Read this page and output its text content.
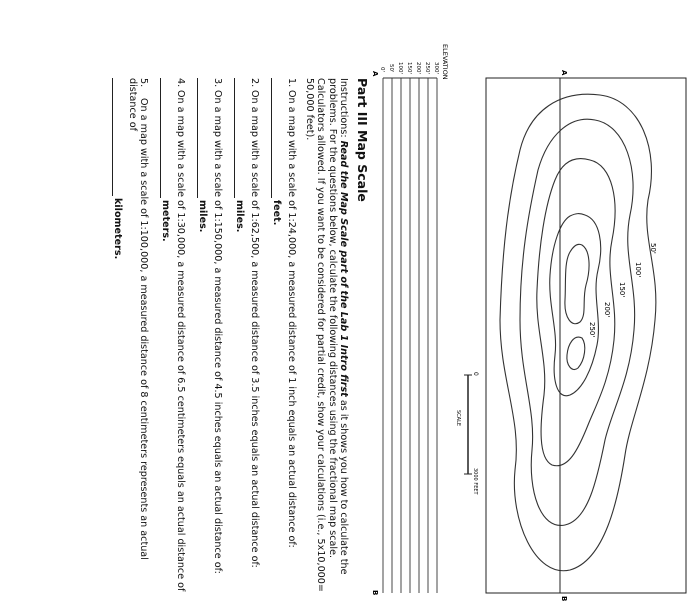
A
B
50'
100'
150'
200'
250'
0
SCALE
3000 FEET
ELEVATION
300'
250'
200'
150'
100'
50'
0'
A
B
Part III Map Scale
Instructions: Read the Map Scale part of the Lab 1 Intro first as it shows you how to calculate the problems. For the questions below, calculate the following distances using the fractional map scale. Calculators allowed. If you want to be considered for partial credit, show your calculations (i.e., 5x10,000= 50,000 feet).
1.On a map with a scale of 1:24,000, a measured distance of 1 inch equals an actual distance of:
feet.
2.On a map with a scale of 1:62,500, a measured distance of 3.5 inches equals an actual distance of:
miles.
3.On a map with a scale of 1:150,000, a measured distance of 4.5 inches equals an actual distance of:
miles.
4.On a map with a scale of 1:30,000, a measured distance of 6.5 centimeters equals an actual distance of
meters.
5.On a map with a scale of 1:100,000, a measured distance of 8 centimeters represents an actual distance of
kilometers.
